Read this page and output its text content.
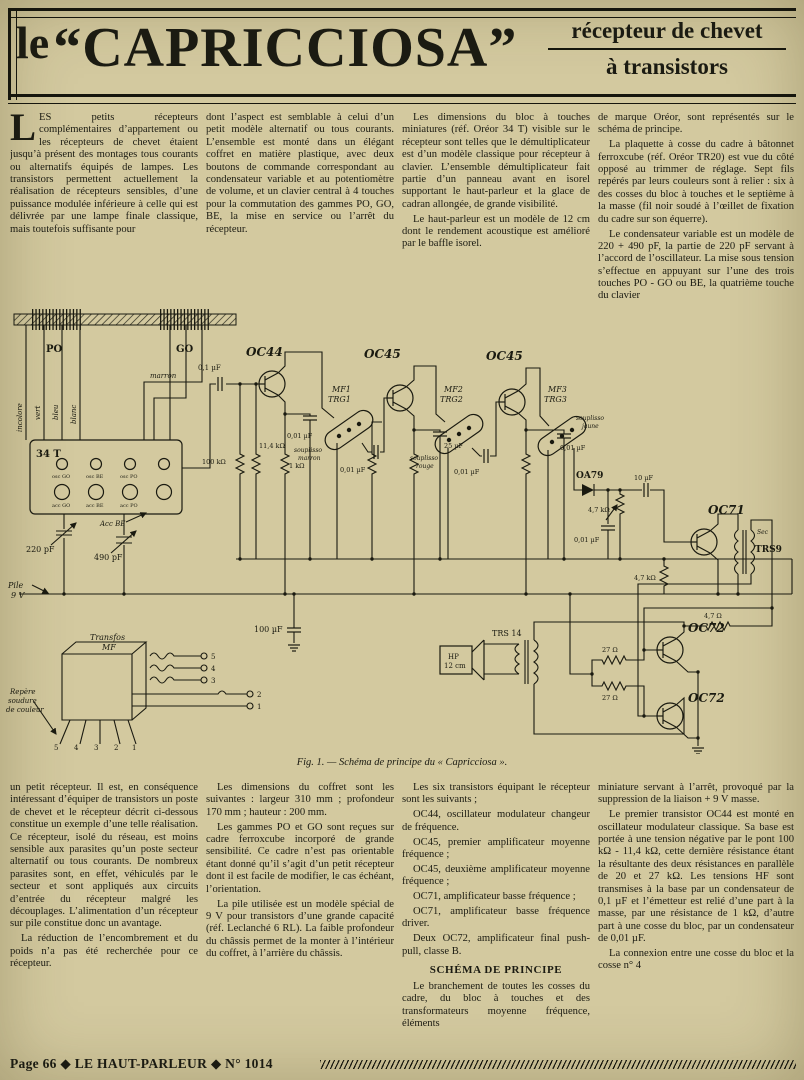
le “CAPRICCIOSA”	récepteur de chevet
à transistors

LES petits récepteurs complémentaires d’appartement ou les récepteurs de chevet étaient jusqu’à présent des montages tous courants ou alternatifs équipés de lampes. Les transistors permettent actuellement la réalisation de récepteurs sensibles, d’une puissance modulée inférieure à celle qui est délivrée par une lampe finale classique, mais toutefois suffisante pour

dont l’aspect est semblable à celui d’un petit modèle alternatif ou tous courants. L’ensemble est monté dans un élégant coffret en matière plastique, avec deux boutons de commande correspondant au condensateur variable et au potentiomètre de volume, et un clavier central à 4 touches pour la commutation des gammes PO, GO, BE, la mise en service ou l’arrêt du récepteur.

Les dimensions du bloc à touches miniatures (réf. Oréor 34 T) visible sur le récepteur sont telles que le démultiplicateur est d’un modèle classique pour récepteur à clavier. L’ensemble démultiplicateur fait partie d’un panneau avant en isorel supportant le haut-parleur et la glace de cadran allongée, de grande visibilité.

Le haut-parleur est un modèle de 12 cm dont le rendement acoustique est amélioré par le baffle isorel.

de marque Oréor, sont représentés sur le schéma de principe.

La plaquette à cosse du cadre à bâtonnet ferroxcube (réf. Oréor TR20) est vue du côté opposé au trimmer de réglage. Sept fils repérés par leurs couleurs sont à relier : six à des cosses du bloc à touches et le septième à la masse (fil noir soudé à l’œillet de fixation du cadre sur son équerre).

Le condensateur variable est un modèle de 220 + 490 pF, la partie de 220 pF servant à l’accord de l’oscillateur. La mise sous tension s’effectue en appuyant sur l’une des trois touches PO - GO ou BE, la quatrième touche du clavier

PO	GO
marron
incolore vert bleu blanc
34 T
osc GO	osc BE	osc PO
acc GO	acc BE	acc PO
Acc BE
220 pF
490 pF
Pile
9 V
Transfos
MF
Repère
soudure
de couleur
5 4 3 2 1
5
4
3
2
1
0,1 µF
OC44	OC45	OC45
100 kΩ
11,4 kΩ
1 kΩ
0,01 µF
MF1
TRG1
souplisso
marron
0,01 µF
MF2
TRG2
souplisso
rouge
0,01 µF
25 µF
MF3
TRG3
souplisso
jaune
0,01 µF
OA79
4,7 kΩ
0,01 µF
10 µF
OC71
TRS9
Sec
4,7 kΩ
4,7 Ω
OC72
OC72
27 Ω
27 Ω
TRS 14
HP
12 cm
100 µF
Fig. 1. — Schéma de principe du « Capricciosa ».

un petit récepteur. Il est, en conséquence intéressant d’équiper de transistors un poste de chevet et le récepteur décrit ci-dessous constitue un exemple d’une telle réalisation. Ce récepteur, isolé du réseau, est moins sensible aux parasites qu’un poste secteur alternatif ou tous courants. De nombreux parasites sont, en effet, véhiculés par le secteur et sont appliqués aux circuits d’entrée du récepteur malgré les découplages. L’alimentation d’un récepteur sur pile constitue donc un avantage.

La réduction de l’encombrement et du poids n’a pas été recherchée pour ce récepteur.

Les dimensions du coffret sont les suivantes : largeur 310 mm ; profondeur 170 mm ; hauteur : 200 mm.

Les gammes PO et GO sont reçues sur cadre ferroxcube incorporé de grande sensibilité. Ce cadre n’est pas orientable étant donné qu’il s’agit d’un petit récepteur dont il est facile de modifier, le cas échéant, l’orientation.

La pile utilisée est un modèle spécial de 9 V pour transistors d’une grande capacité (réf. Leclanché 6 RL). La faible profondeur du châssis permet de la monter à l’intérieur du coffret, à l’arrière du châssis.

Les six transistors équipant le récepteur sont les suivants ;

OC44, oscillateur modulateur changeur de fréquence.

OC45, premier amplificateur moyenne fréquence ;

OC45, deuxième amplificateur moyenne fréquence ;

OC71, amplificateur basse fréquence ;

OC71, amplificateur basse fréquence driver.

Deux OC72, amplificateur final push-pull, classe B.

SCHÉMA DE PRINCIPE

Le branchement de toutes les cosses du cadre, du bloc à touches et des transformateurs moyenne fréquence, éléments

miniature servant à l’arrêt, provoqué par la suppression de la liaison + 9 V masse.

Le premier transistor OC44 est monté en oscillateur modulateur classique. Sa base est portée à une tension négative par le pont 100 kΩ - 11,4 kΩ, cette dernière résistance étant la résultante des deux résistances en parallèle de 20 et 27 kΩ. Les tensions HF sont transmises à la base par un condensateur de 0,1 µF et l’émetteur est relié d’une part à la masse, par une résistance de 1 kΩ, d’autre part à une cosse du bloc, par un condensateur de 0,01 µF.

La connexion entre une cosse du bloc et la cosse n° 4

Page 66 ◆ LE HAUT-PARLEUR ◆ N° 1014
